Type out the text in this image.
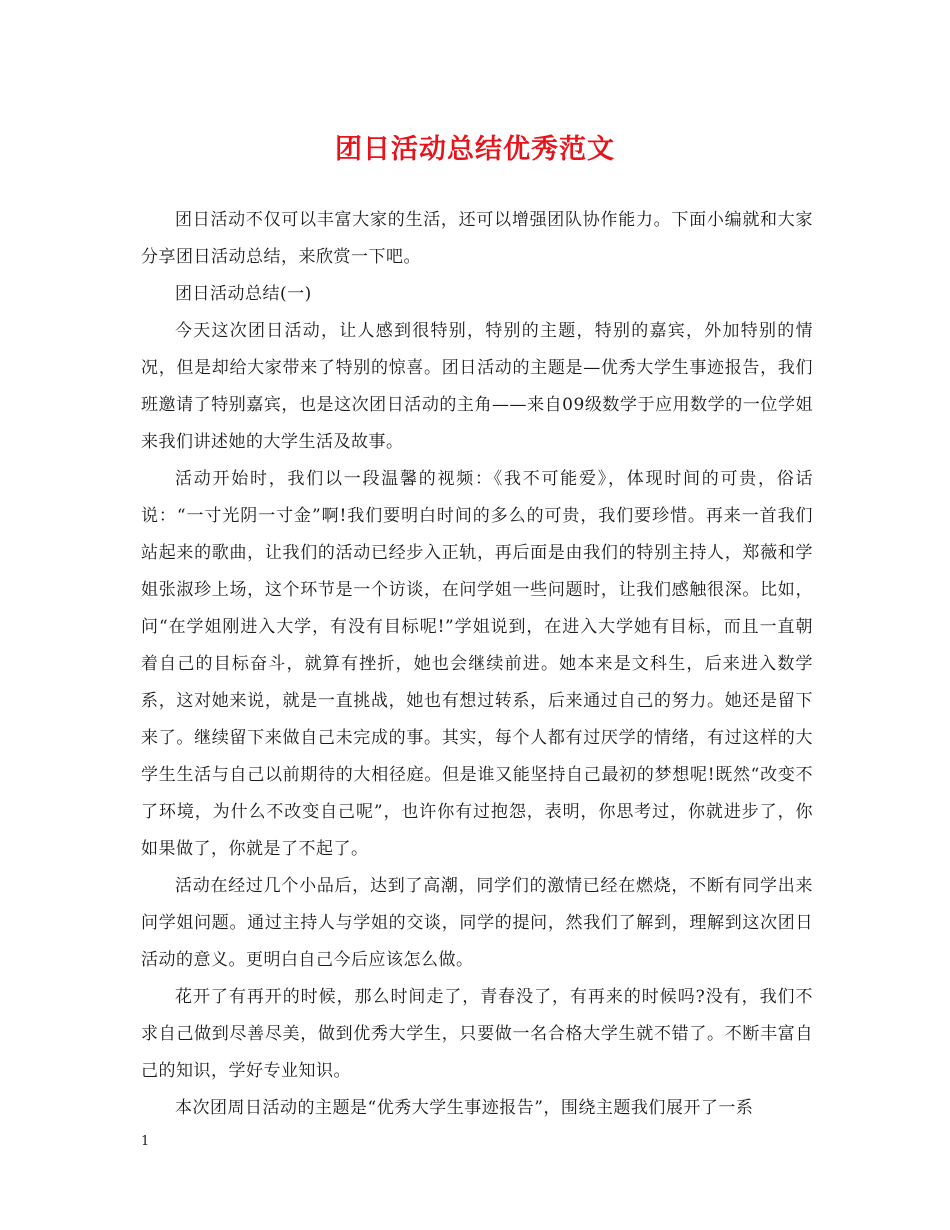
团日活动总结优秀范文

团日活动不仅可以丰富大家的生活，还可以增强团队协作能力。下面小编就和大家分享团日活动总结，来欣赏一下吧。

团日活动总结(一)

今天这次团日活动，让人感到很特别，特别的主题，特别的嘉宾，外加特别的情况，但是却给大家带来了特别的惊喜。团日活动的主题是—优秀大学生事迹报告，我们班邀请了特别嘉宾，也是这次团日活动的主角——来自09级数学于应用数学的一位学姐来我们讲述她的大学生活及故事。

活动开始时，我们以一段温馨的视频：《我不可能爱》，体现时间的可贵，俗话说：“一寸光阴一寸金”啊!我们要明白时间的多么的可贵，我们要珍惜。再来一首我们站起来的歌曲，让我们的活动已经步入正轨，再后面是由我们的特别主持人，郑薇和学姐张淑珍上场，这个环节是一个访谈，在问学姐一些问题时，让我们感触很深。比如，问“在学姐刚进入大学，有没有目标呢!”学姐说到，在进入大学她有目标，而且一直朝着自己的目标奋斗，就算有挫折，她也会继续前进。她本来是文科生，后来进入数学系，这对她来说，就是一直挑战，她也有想过转系，后来通过自己的努力。她还是留下来了。继续留下来做自己未完成的事。其实，每个人都有过厌学的情绪，有过这样的大学生生活与自己以前期待的大相径庭。但是谁又能坚持自己最初的梦想呢!既然“改变不了环境，为什么不改变自己呢”，也许你有过抱怨，表明，你思考过，你就进步了，你如果做了，你就是了不起了。

活动在经过几个小品后，达到了高潮，同学们的激情已经在燃烧，不断有同学出来问学姐问题。通过主持人与学姐的交谈，同学的提问，然我们了解到，理解到这次团日活动的意义。更明白自己今后应该怎么做。

花开了有再开的时候，那么时间走了，青春没了，有再来的时候吗?没有，我们不求自己做到尽善尽美，做到优秀大学生，只要做一名合格大学生就不错了。不断丰富自己的知识，学好专业知识。

本次团周日活动的主题是“优秀大学生事迹报告”，围绕主题我们展开了一系

1
